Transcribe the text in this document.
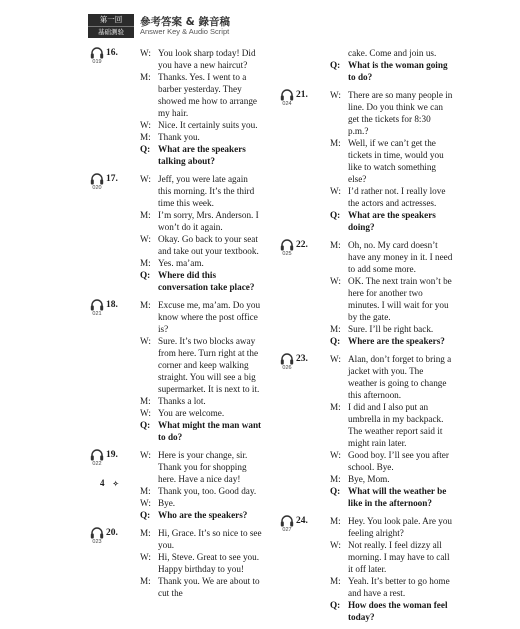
第一回
基础测验
參考答案 & 錄音稿
Answer Key & Audio Script
019
16. W: You look sharp today! Did you have a new haircut?
M: Thanks. Yes. I went to a barber yesterday. They showed me how to arrange my hair.
W: Nice. It certainly suits you.
M: Thank you.
Q: What are the speakers talking about?
020
17. W: Jeff, you were late again this morning. It’s the third time this week.
M: I’m sorry, Mrs. Anderson. I won’t do it again.
W: Okay. Go back to your seat and take out your textbook.
M: Yes. ma’am.
Q: Where did this conversation take place?
021
18. M: Excuse me, ma’am. Do you know where the post office is?
W: Sure. It’s two blocks away from here. Turn right at the corner and keep walking straight. You will see a big supermarket. It is next to it.
M: Thanks a lot.
W: You are welcome.
Q: What might the man want to do?
022
19. W: Here is your change, sir. Thank you for shopping here. Have a nice day!
M: Thank you, too. Good day.
W: Bye.
Q: Who are the speakers?
023
20. M: Hi, Grace. It’s so nice to see you.
W: Hi, Steve. Great to see you. Happy birthday to you!
M: Thank you. We are about to cut the
cake. Come and join us.
Q: What is the woman going to do?
024
21. W: There are so many people in line. Do you think we can get the tickets for 8:30 p.m.?
M: Well, if we can’t get the tickets in time, would you like to watch something else?
W: I’d rather not. I really love the actors and actresses.
Q: What are the speakers doing?
025
22. M: Oh, no. My card doesn’t have any money in it. I need to add some more.
W: OK. The next train won’t be here for another two minutes. I will wait for you by the gate.
M: Sure. I’ll be right back.
Q: Where are the speakers?
026
23. W: Alan, don’t forget to bring a jacket with you. The weather is going to change this afternoon.
M: I did and I also put an umbrella in my backpack. The weather report said it might rain later.
W: Good boy. I’ll see you after school. Bye.
M: Bye, Mom.
Q: What will the weather be like in the afternoon?
027
24. M: Hey. You look pale. Are you feeling alright?
W: Not really. I feel dizzy all morning. I may have to call it off later.
M: Yeah. It’s better to go home and have a rest.
Q: How does the woman feel today?
4 ✧
